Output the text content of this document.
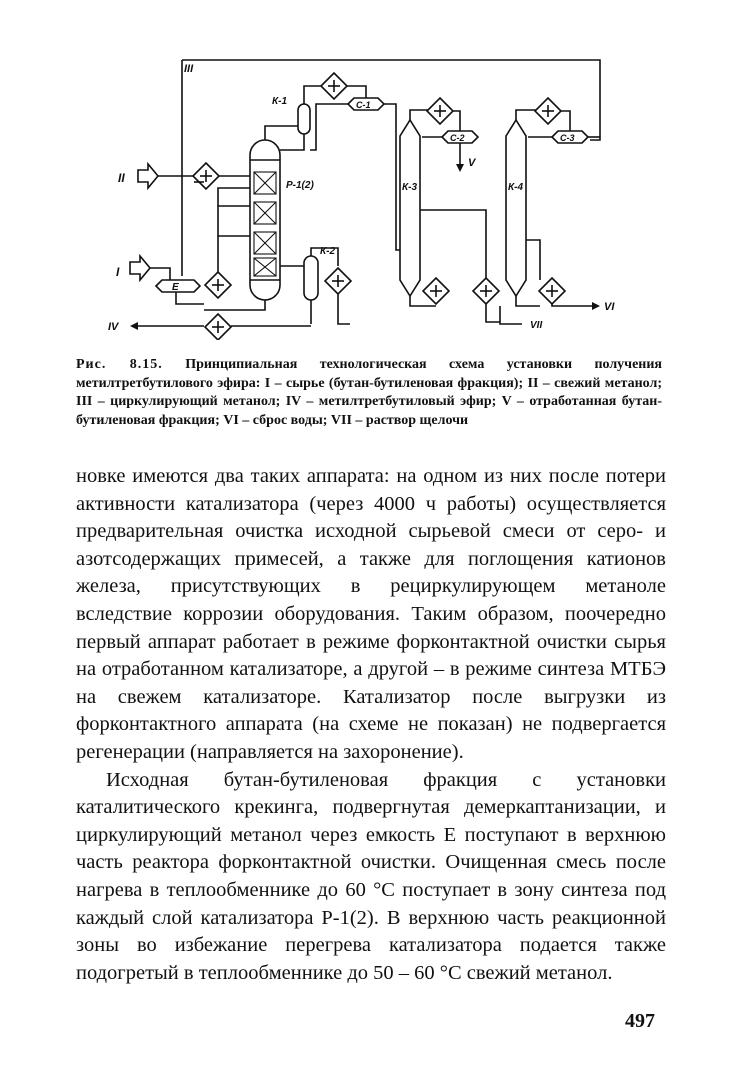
III
II
I
Е
Р-1(2)
К-1	С-1
К-2
IV
К-3
С-2
V
К-4
С-3
VII
VI

Рис. 8.15. Принципиальная технологическая схема установки получения метилтретбутилового эфира: I – сырье (бутан-бутиленовая фракция); II – свежий метанол; III – циркулирующий метанол; IV – метилтретбутиловый эфир; V – отработанная бутан-бутиленовая фракция; VI – сброс воды; VII – раствор щелочи

новке имеются два таких аппарата: на одном из них после потери активности катализатора (через 4000 ч работы) осуществляется предварительная очистка исходной сырьевой смеси от серо- и азотсодержащих примесей, а также для поглощения катионов железа, присутствующих в рециркулирующем метаноле вследствие коррозии оборудования. Таким образом, поочередно первый аппарат работает в режиме форконтактной очистки сырья на отработанном катализаторе, а другой – в режиме синтеза МТБЭ на свежем катализаторе. Катализатор после выгрузки из форконтактного аппарата (на схеме не показан) не подвергается регенерации (направляется на захоронение).

Исходная бутан-бутиленовая фракция с установки каталитического крекинга, подвергнутая демеркаптанизации, и циркулирующий метанол через емкость Е поступают в верхнюю часть реактора форконтактной очистки. Очищенная смесь после нагрева в теплообменнике до 60 °С поступает в зону синтеза под каждый слой катализатора Р-1(2). В верхнюю часть реакционной зоны во избежание перегрева катализатора подается также подогретый в теплообменнике до 50 – 60 °С свежий метанол.

497
